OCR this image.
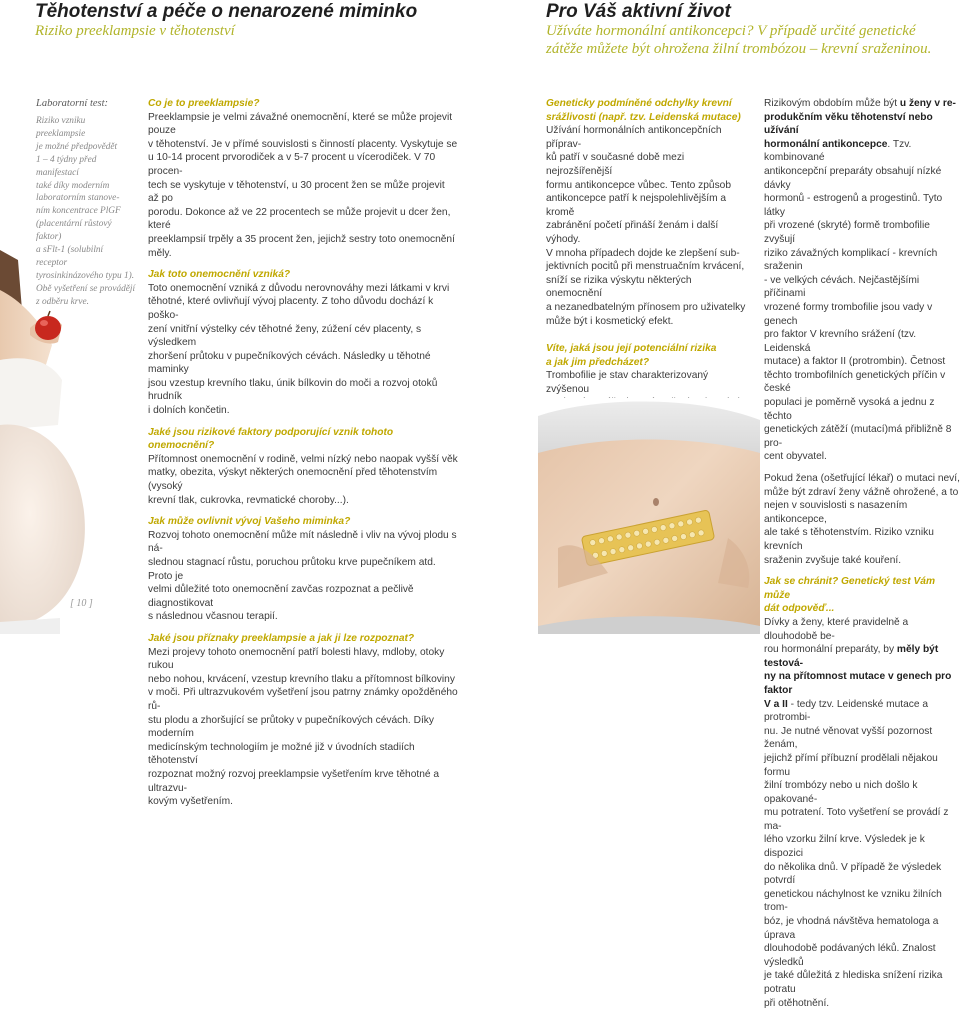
Těhotenství a péče o nenarozené miminko
Riziko preeklampsie v těhotenství
Laboratorní test:
Riziko vzniku preeklampsie
je možné předpovědět
1 – 4 týdny před manifestací
také díky moderním
laboratorním stanove-
ním koncentrace PlGF
(placentární růstový faktor)
a sFlt-1 (solubilní receptor
tyrosinkinázového typu 1).
Obě vyšetření se provádějí
z odběru krve.
[ 10 ]
Co je to preeklampsie?
Preeklampsie je velmi závažné onemocnění, které se může projevit pouze
v těhotenství. Je v přímé souvislosti s činností placenty. Vyskytuje se
u 10-14 procent prvorodiček a v 5-7 procent u vícerodiček. V 70 procen-
tech se vyskytuje v těhotenství, u 30 procent žen se může projevit až po
porodu. Dokonce až ve 22 procentech se může projevit u dcer žen, které
preeklampsií trpěly a 35 procent žen, jejichž sestry toto onemocnění měly.
Jak toto onemocnění vzniká?
Toto onemocnění vzniká z důvodu nerovnováhy mezi látkami v krvi
těhotné, které ovlivňují vývoj placenty. Z toho důvodu dochází k poško-
zení vnitřní výstelky cév těhotné ženy, zúžení cév placenty, s výsledkem
zhoršení průtoku v pupečníkových cévách. Následky u těhotné maminky
jsou vzestup krevního tlaku, únik bílkovin do moči a rozvoj otoků hrudník
i dolních končetin.
Jaké jsou rizikové faktory podporující vznik tohoto onemocnění?
Přítomnost onemocnění v rodině, velmi nízký nebo naopak vyšší věk
matky, obezita, výskyt některých onemocnění před těhotenstvím (vysoký
krevní tlak, cukrovka, revmatické choroby...).
Jak může ovlivnit vývoj Vašeho miminka?
Rozvoj tohoto onemocnění může mít následně i vliv na vývoj plodu s ná-
slednou stagnací růstu, poruchou průtoku krve pupečníkem atd. Proto je
velmi důležité toto onemocnění zavčas rozpoznat a pečlivě diagnostikovat
s následnou včasnou terapií.
Jaké jsou příznaky preeklampsie a jak ji lze rozpoznat?
Mezi projevy tohoto onemocnění patří bolesti hlavy, mdloby, otoky rukou
nebo nohou, krvácení, vzestup krevního tlaku a přítomnost bílkoviny
v moči. Při ultrazvukovém vyšetření jsou patrny známky opožděného rů-
stu plodu a zhoršující se průtoky v pupečníkových cévách. Díky moderním
medicínským technologiím je možné již v úvodních stadiích těhotenství
rozpoznat možný rozvoj preeklampsie vyšetřením krve těhotné a ultrazvu-
kovým vyšetřením.
Pro Váš aktivní život
Užíváte hormonální antikoncepci? V případě určité genetické
zátěže můžete být ohrožena žilní trombózou – krevní sraženinou.
Geneticky podmíněné odchylky krevní
srážlivosti (např. tzv. Leidenská mutace)
Užívání hormonálních antikoncepčních příprav-
ků patří v současné době mezi nejrozšířenější
formu antikoncepce vůbec. Tento způsob
antikoncepce patří k nejspolehlivějším a kromě
zabránění početí přináší ženám i další výhody.
V mnoha případech dojde ke zlepšení sub-
jektivních pocitů při menstruačním krvácení,
sníží se rizika výskytu některých onemocnění
a nezanedbatelným přínosem pro uživatelky
může být i kosmetický efekt.
Víte, jaká jsou její potenciální rizika
a jak jim předcházet?
Trombofilie je stav charakterizovaný zvýšenou
Rizikovým obdobím může být u ženy v re-
produkčním věku těhotenství nebo užívání
hormonální antikoncepce. Tzv. kombinované
antikoncepční preparáty obsahují nízké dávky
hormonů - estrogenů a progestinů. Tyto látky
při vrozené (skryté) formě trombofilie zvyšují
riziko závažných komplikací - krevních sraženin
- ve velkých cévách. Nejčastějšími příčinami
vrozené formy trombofilie jsou vady v genech
pro faktor V krevního srážení (tzv. Leidenská
mutace) a faktor II (protrombin). Četnost
těchto trombofilních genetických příčin v české
populaci je poměrně vysoká a jednu z těchto
genetických zátěží (mutací)má přibližně 8 pro-
cent obyvatel.
Pokud žena (ošetřující lékař) o mutaci neví,
může být zdraví ženy vážně ohrožené, a to
nejen v souvislosti s nasazením antikoncepce,
ale také s těhotenstvím. Riziko vzniku krevních
sraženin zvyšuje také kouření.
Jak se chránit? Genetický test Vám může
dát odpověď...
Dívky a ženy, které pravidelně a dlouhodobě be-
rou hormonální preparáty, by měly být testová-
ny na přítomnost mutace v genech pro faktor
V a II - tedy tzv. Leidenské mutace a protrombi-
nu. Je nutné věnovat vyšší pozornost ženám,
jejichž přímí příbuzní prodělali nějakou formu
žilní trombózy nebo u nich došlo k opakované-
mu potratení. Toto vyšetření se provádí z ma-
lého vzorku žilní krve. Výsledek je k dispozici
do několika dnů. V případě že výsledek potvrdí
genetickou náchylnost ke vzniku žilních trom-
bóz, je vhodná návštěva hematologa a úprava
dlouhodobě podávaných léků. Znalost výsledků
je také důležitá z hlediska snížení rizika potratu
při otěhotnění.
